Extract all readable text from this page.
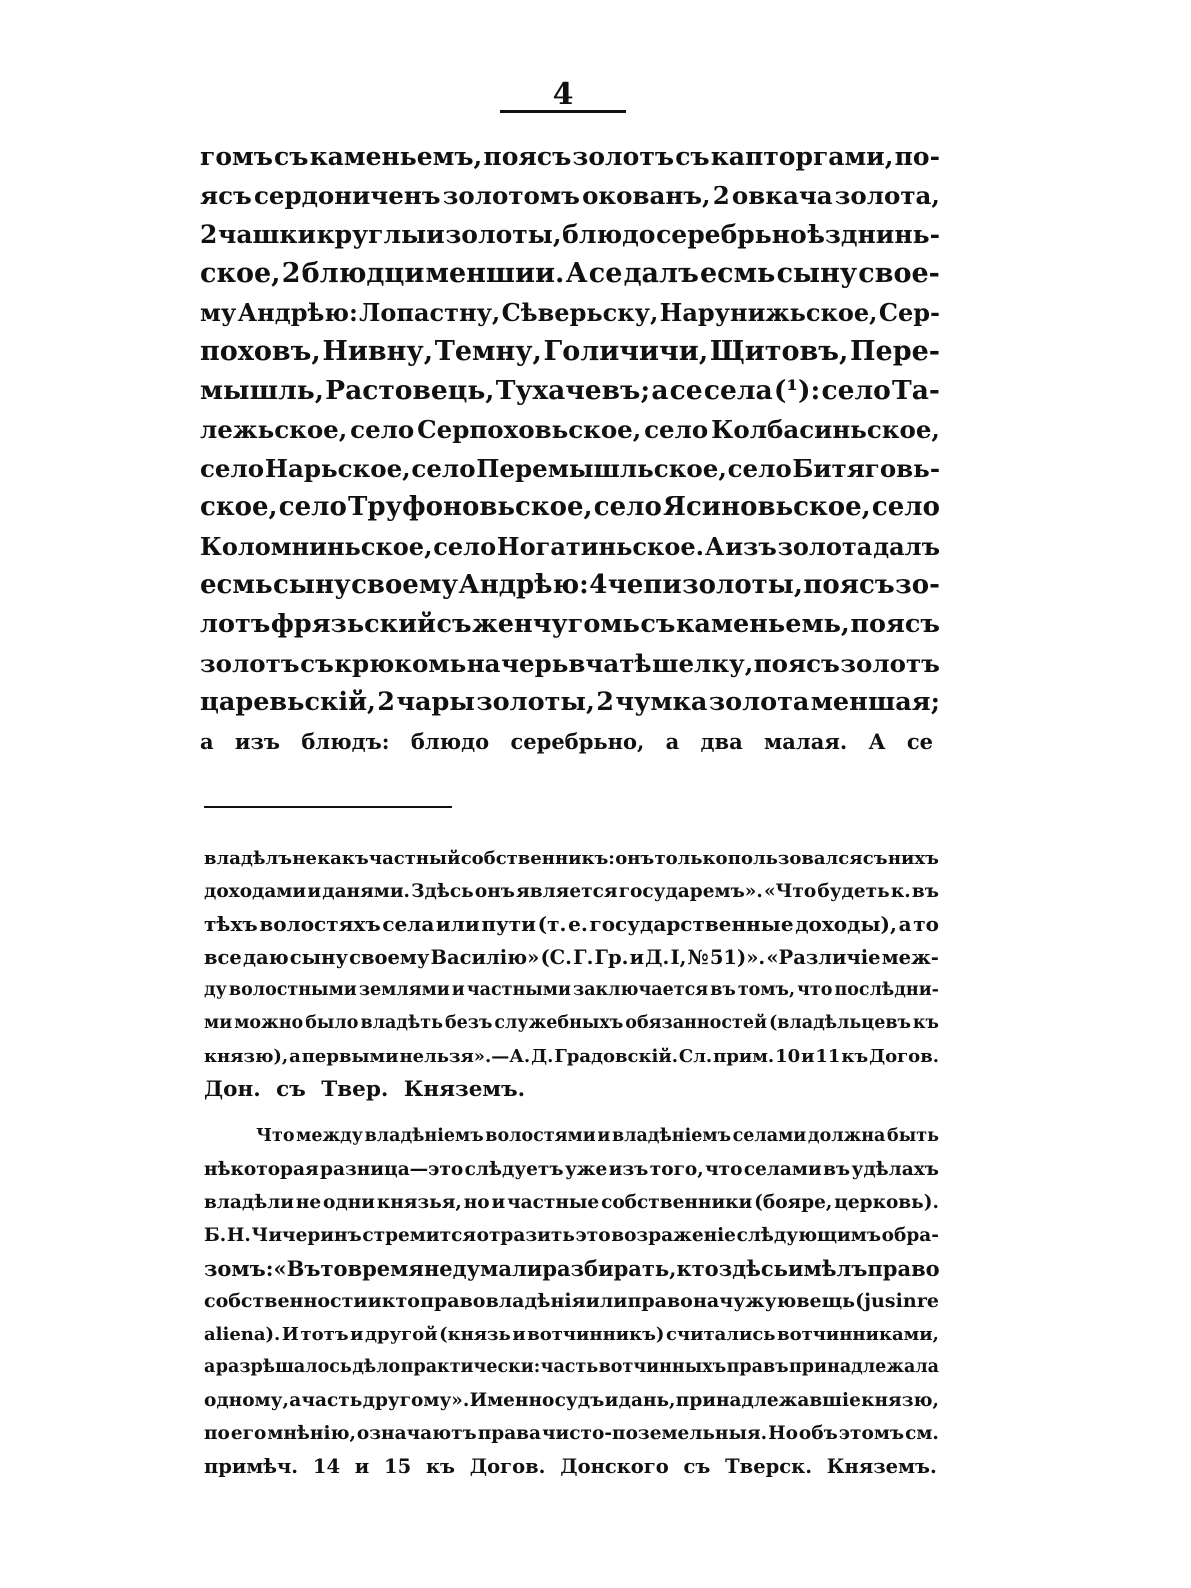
4
гомъ съ каменьемъ, поясъ золотъ съ капторгами, по-
ясъ сердониченъ золотомъ окованъ, 2 овкача золота,
2 чашки круглыи золоты, блюдо серебрьно ѣзднинь-
ское, 2 блюдци меншии. А се далъ есмь сыну свое-
му Андрѣю: Лопастну, Сѣверьску, Нарунижьское, Сер-
поховъ, Нивну, Темну, Голичичи, Щитовъ, Пере-
мышль, Растовець, Тухачевъ; а се села (¹): село Та-
лежьское, село Серпоховьское, село Колбасиньское,
село Нарьское, село Перемышльское, село Битяговь-
ское, село Труфоновьское, село Ясиновьское, село
Коломниньское, село Ногатиньское. А изъ золота далъ
есмь сыну своему Андрѣю: 4 чепи золоты, поясъ зо-
лотъ фрязьский съ женчугомь съ каменьемь, поясъ
золотъ съ крюкомь на черьвчатѣ шелку, поясъ золотъ
царевьскій, 2 чары золоты, 2 чумка золота меншая;
а изъ блюдъ: блюдо серебрьно, а два малая. А се
владѣлъ не какъ частный собственникъ: онъ только пользовался съ нихъ
доходами и данями. Здѣсь онъ является государемъ». «Что будеть к. въ
тѣхъ волостяхъ села или пути (т. е. государственные доходы), а то
все даю сыну своему Василію» (С. Г. Гр. и Д. I, № 51)». «Различіе меж-
ду волостными землями и частными заключается въ томъ, что послѣдни-
ми можно было владѣть безъ служебныхъ обязанностей (владѣльцевъ къ
князю), а первыми нельзя».—А. Д. Градовскій. Сл. прим. 10 и 11 къ Догов.
Дон. съ Твер. Княземъ.
Что между владѣніемъ волостями и владѣніемъ селами должна быть
нѣкоторая разница—это слѣдуетъ уже изъ того, что селами въ удѣлахъ
владѣли не одни князья, но и частные собственники (бояре, церковь).
Б. Н. Чичеринъ стремится отразить это возраженіе слѣдующимъ обра-
зомъ: «Въ то время не думали разбирать, кто здѣсь имѣлъ право
собственности и кто право владѣнія или право на чужую вещь (jus in re
aliena). И тотъ и другой (князь и вотчинникъ) считались вотчинниками,
а разрѣшалось дѣло практически: часть вотчинныхъ правъ принадлежала
одному, а часть другому». Именно судъ и дань, принадлежавшіе князю,
по его мнѣнію, означаютъ права чисто-поземельныя. Но объ этомъ см.
примѣч. 14 и 15 къ Догов. Донского съ Тверск. Княземъ.
